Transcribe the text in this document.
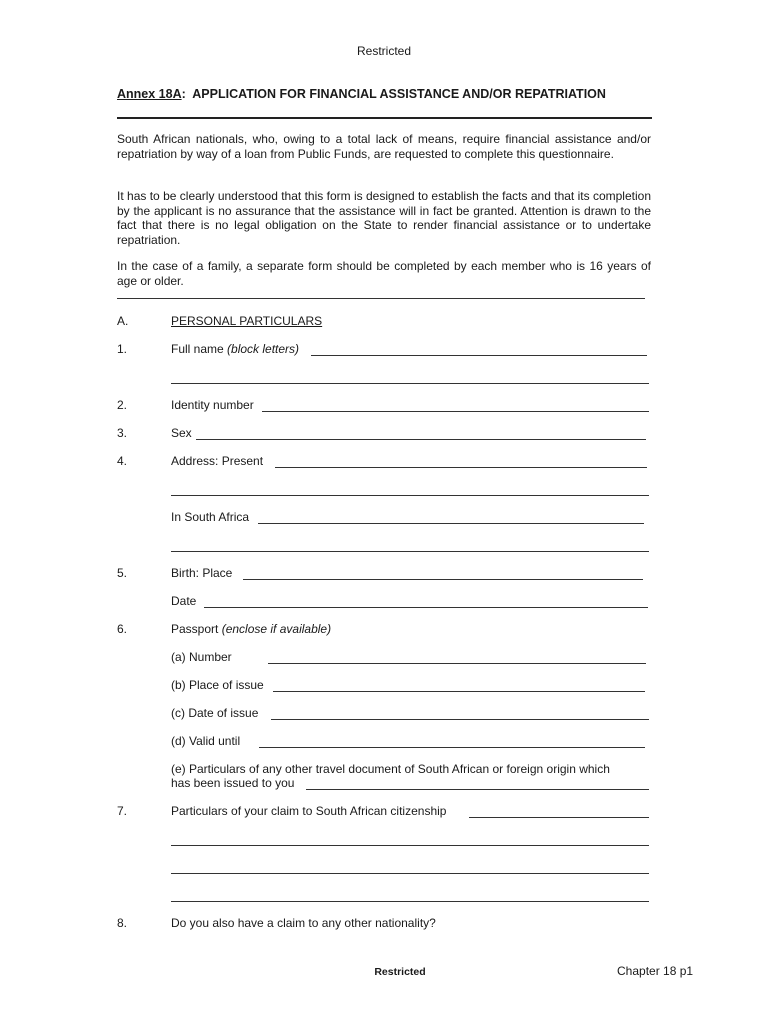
Restricted
Annex 18A: APPLICATION FOR FINANCIAL ASSISTANCE AND/OR REPATRIATION
South African nationals, who, owing to a total lack of means, require financial assistance and/or repatriation by way of a loan from Public Funds, are requested to complete this questionnaire.
It has to be clearly understood that this form is designed to establish the facts and that its completion by the applicant is no assurance that the assistance will in fact be granted. Attention is drawn to the fact that there is no legal obligation on the State to render financial assistance or to undertake repatriation.
In the case of a family, a separate form should be completed by each member who is 16 years of age or older.
A.	PERSONAL PARTICULARS
1.	Full name (block letters)
2.	Identity number
3.	Sex
4.	Address: Present
In South Africa
5.	Birth: Place
Date
6.	Passport (enclose if available)
(a) Number
(b) Place of issue
(c) Date of issue
(d) Valid until
(e) Particulars of any other travel document of South African or foreign origin which
has been issued to you
7.	Particulars of your claim to South African citizenship
8.	Do you also have a claim to any other nationality?
Restricted	Chapter 18 p1
